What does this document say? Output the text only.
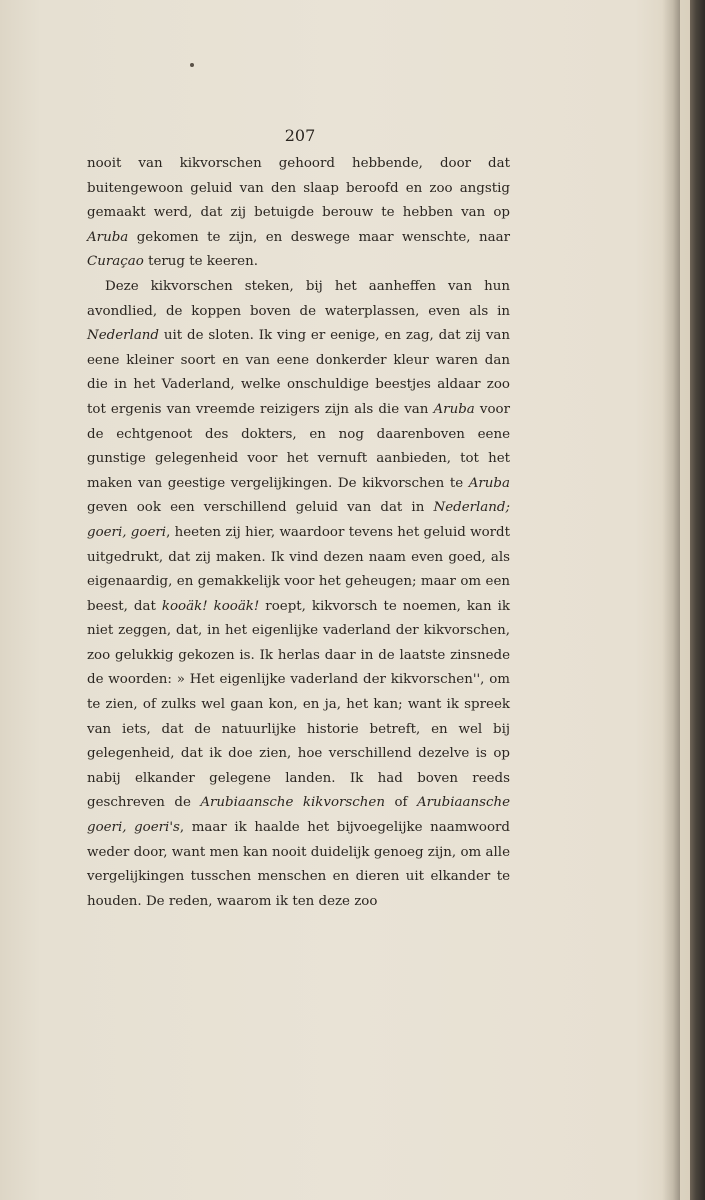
207

nooit van kikvorschen gehoord hebbende, door dat buitengewoon geluid van den slaap beroofd en zoo angstig gemaakt werd, dat zij betuigde berouw te hebben van op Aruba gekomen te zijn, en deswege maar wenschte, naar Curaçao terug te keeren.

Deze kikvorschen steken, bij het aanheffen van hun avondlied, de koppen boven de waterplassen, even als in Nederland uit de sloten. Ik ving er eenige, en zag, dat zij van eene kleiner soort en van eene donkerder kleur waren dan die in het Vaderland, welke onschuldige beestjes aldaar zoo tot ergenis van vreemde reizigers zijn als die van Aruba voor de echtgenoot des dokters, en nog daarenboven eene gunstige gelegenheid voor het vernuft aanbieden, tot het maken van geestige vergelijkingen. De kikvorschen te Aruba geven ook een verschillend geluid van dat in Nederland; goeri, goeri, heeten zij hier, waardoor tevens het geluid wordt uitgedrukt, dat zij maken. Ik vind dezen naam even goed, als eigenaardig, en gemakkelijk voor het geheugen; maar om een beest, dat kooäk! kooäk! roept, kikvorsch te noemen, kan ik niet zeggen, dat, in het eigenlijke vaderland der kikvorschen, zoo gelukkig gekozen is. Ik herlas daar in de laatste zinsnede de woorden: » Het eigenlijke vaderland der kikvorschen'', om te zien, of zulks wel gaan kon, en ja, het kan; want ik spreek van iets, dat de natuurlijke historie betreft, en wel bij gelegenheid, dat ik doe zien, hoe verschillend dezelve is op nabij elkander gelegene landen. Ik had boven reeds geschreven de Arubiaansche kikvorschen of Arubiaansche goeri, goeri's, maar ik haalde het bijvoegelijke naamwoord weder door, want men kan nooit duidelijk genoeg zijn, om alle vergelijkingen tusschen menschen en dieren uit elkander te houden. De reden, waarom ik ten deze zoo
